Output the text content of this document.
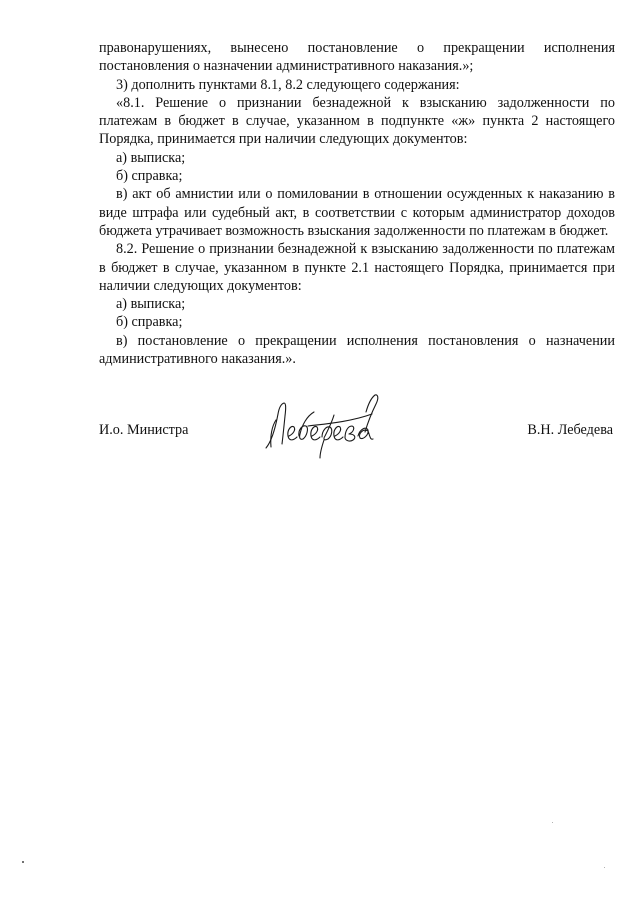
правонарушениях, вынесено постановление о прекращении исполнения постановления о назначении административного наказания.»;

3) дополнить пунктами 8.1, 8.2 следующего содержания:

«8.1. Решение о признании безнадежной к взысканию задолженности по платежам в бюджет в случае, указанном в подпункте «ж» пункта 2 настоящего Порядка, принимается при наличии следующих документов:

а) выписка;

б) справка;

в) акт об амнистии или о помиловании в отношении осужденных к наказанию в виде штрафа или судебный акт, в соответствии с которым администратор доходов бюджета утрачивает возможность взыскания задолженности по платежам в бюджет.

8.2. Решение о признании безнадежной к взысканию задолженности по платежам в бюджет в случае, указанном в пункте 2.1 настоящего Порядка, принимается при наличии следующих документов:

а) выписка;

б) справка;

в) постановление о прекращении исполнения постановления о назначении административного наказания.».

И.о. Министра	В.Н. Лебедева
